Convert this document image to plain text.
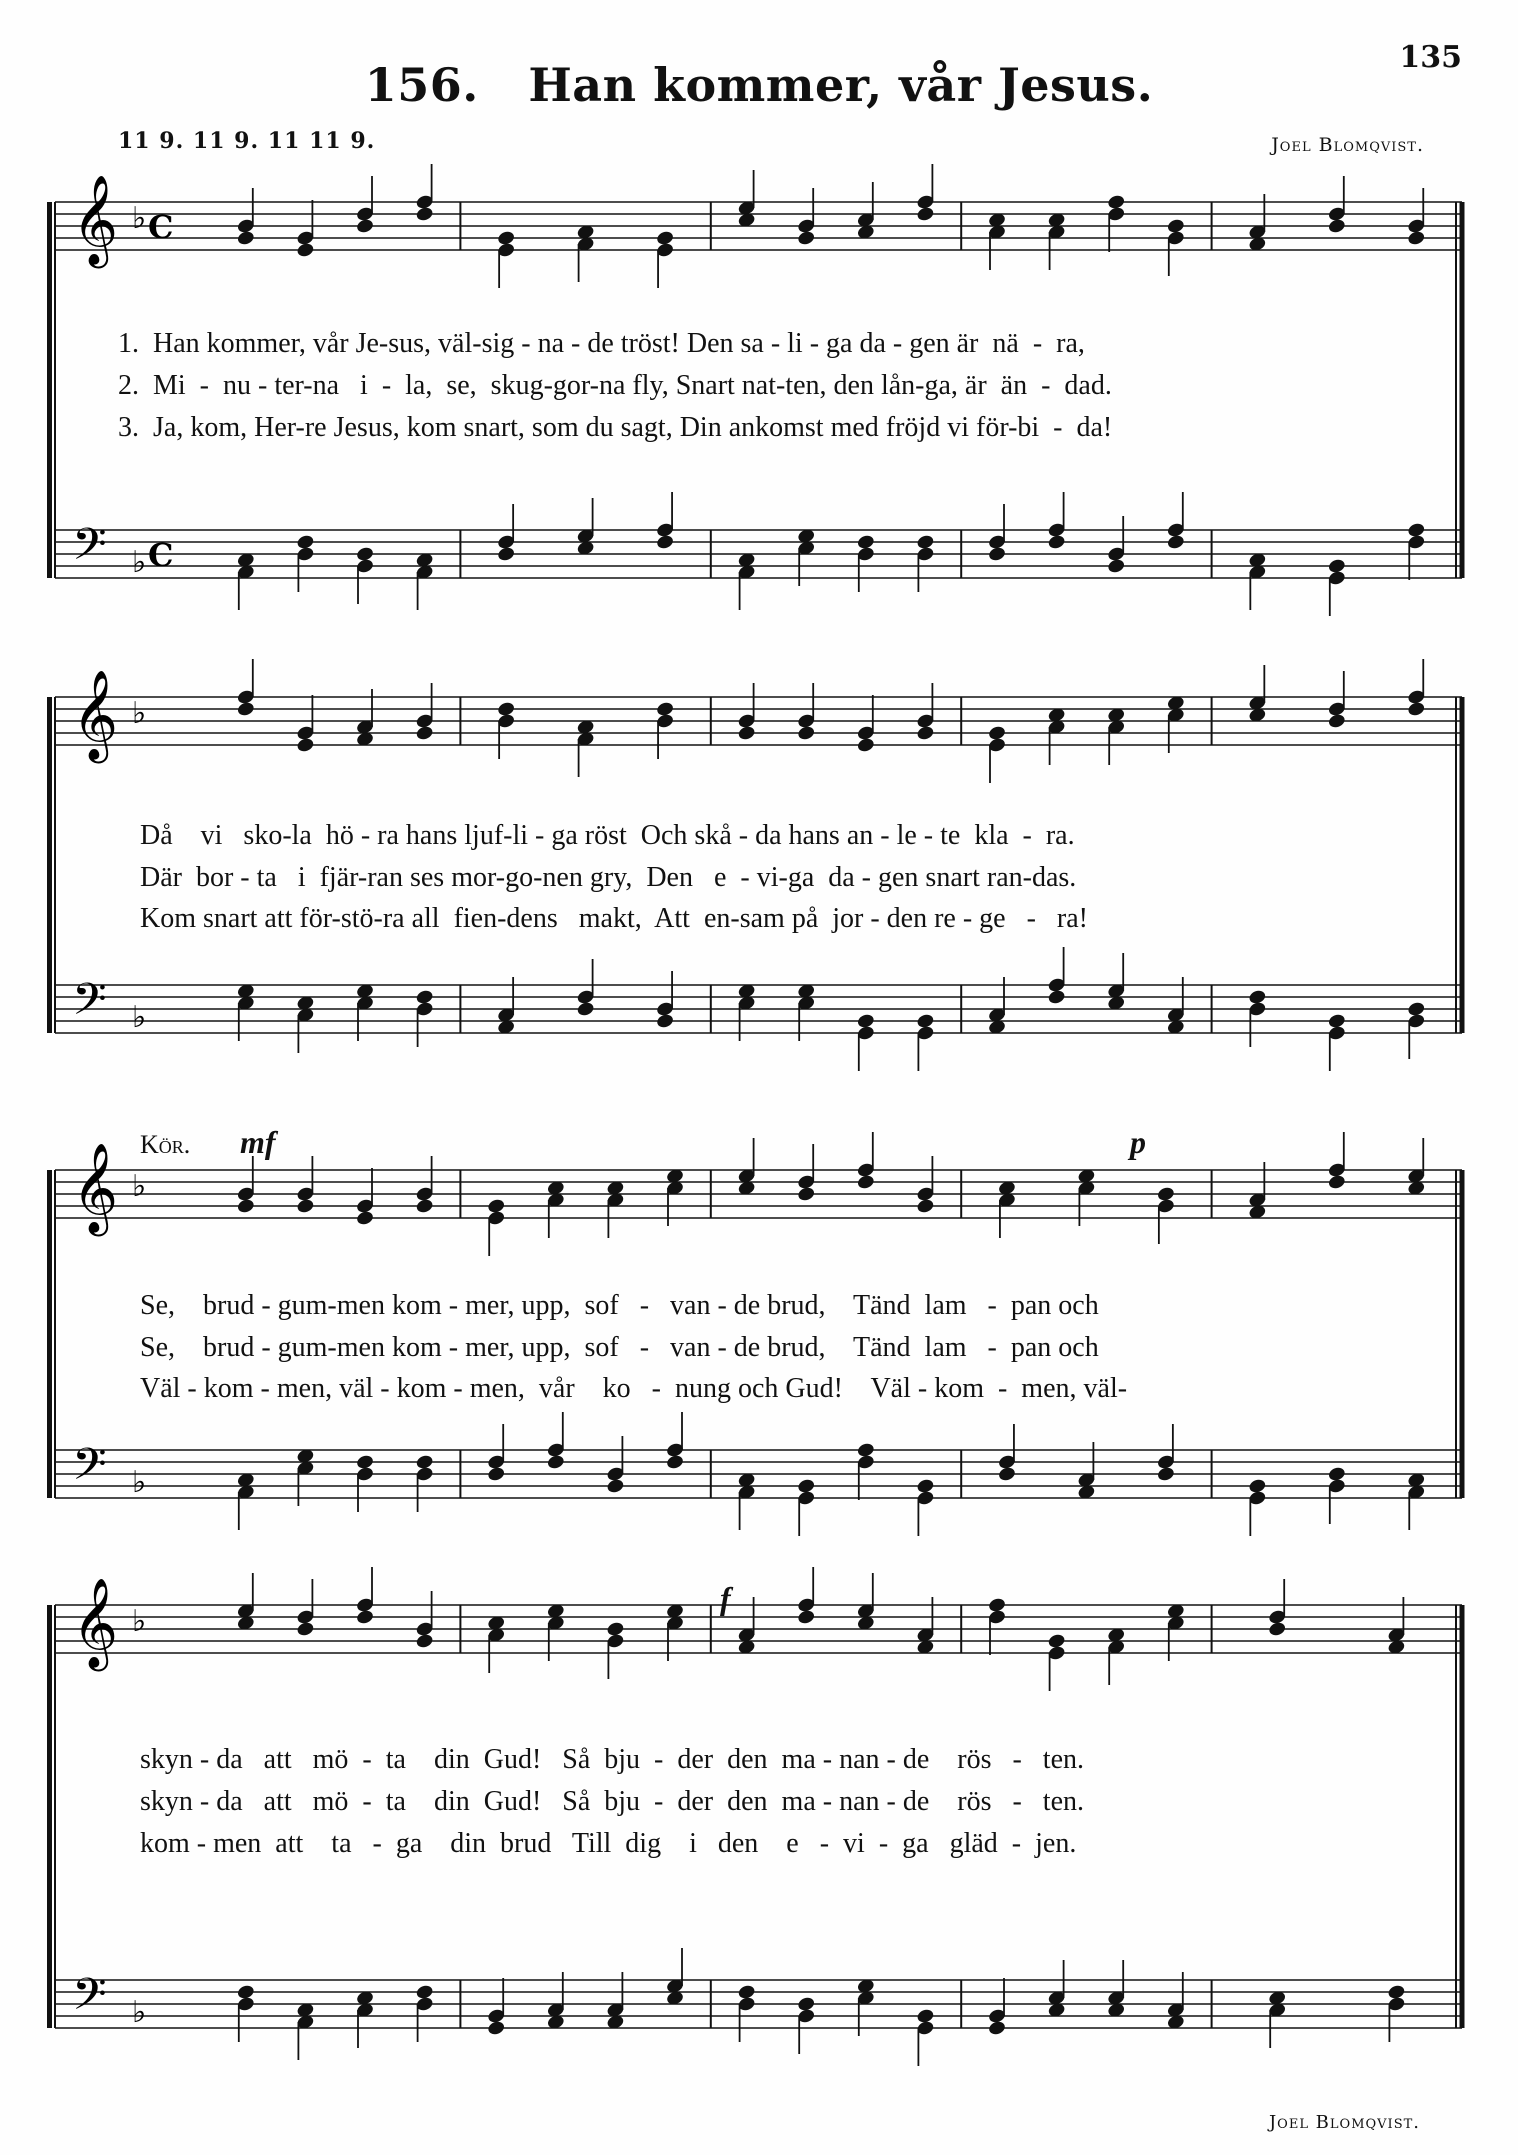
135
156. Han kommer, vår Jesus.
11 9. 11 9. 11 11 9.	Joel Blomqvist.
𝄞
𝄢
♭
♭
C
C
𝄞
𝄢
♭
♭
𝄞
𝄢
♭
♭
𝄞
𝄢
♭
♭
1.  Han kommer, vår Je-sus, väl-sig - na - de tröst! Den sa - li - ga da - gen är  nä  -  ra,
2.  Mi  -  nu - ter-na   i  -  la,  se,  skug-gor-na fly, Snart nat-ten, den lån-ga, är  än  -  dad.
3.  Ja, kom, Her-re Jesus, kom snart, som du sagt, Din ankomst med fröjd vi för-bi  -  da!
Då    vi   sko-la  hö - ra hans ljuf-li - ga röst  Och skå - da hans an - le - te  kla  -  ra.
Där  bor - ta   i  fjär-ran ses mor-go-nen gry,  Den   e  - vi-ga  da - gen snart ran-das.
Kom snart att för-stö-ra all  fien-dens   makt,  Att  en-sam på  jor - den re - ge   -   ra!
Kör. mf	p
f
Se,    brud - gum-men kom - mer, upp,  sof   -   van - de brud,    Tänd  lam   -  pan och
Se,    brud - gum-men kom - mer, upp,  sof   -   van - de brud,    Tänd  lam   -  pan och
Väl - kom - men, väl - kom - men,  vår    ko   -  nung och Gud!    Väl - kom  -  men, väl-
skyn - da   att   mö  -  ta    din  Gud!   Så  bju  -  der  den  ma - nan - de    rös   -   ten.
skyn - da   att   mö  -  ta    din  Gud!   Så  bju  -  der  den  ma - nan - de    rös   -   ten.
kom - men  att    ta   -  ga    din  brud   Till  dig    i   den    e   -  vi  -  ga   gläd  -  jen.
Joel Blomqvist.
